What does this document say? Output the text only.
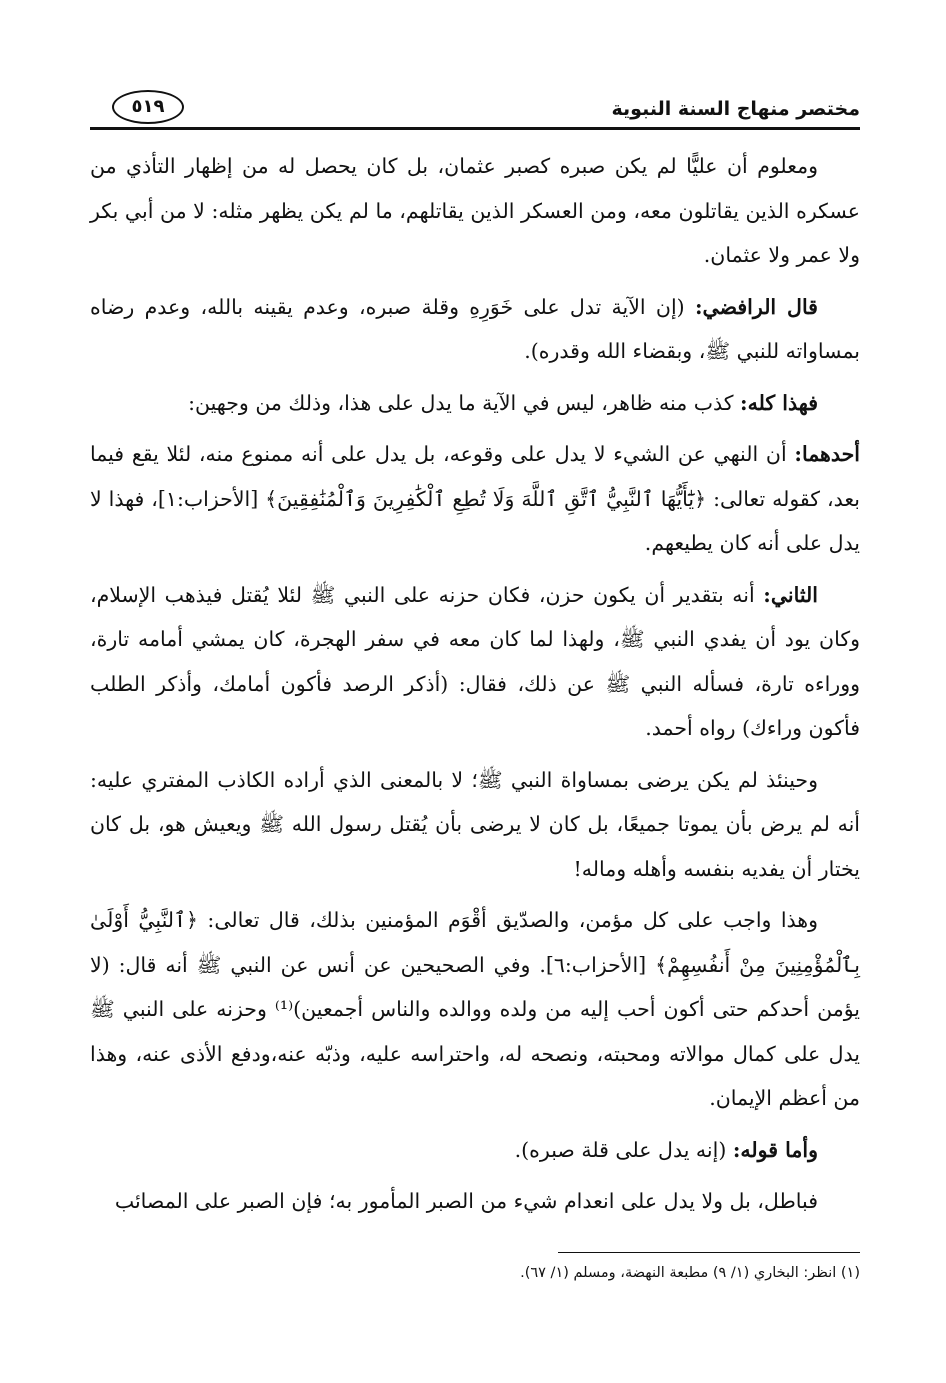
مختصر منهاج السنة النبوية
٥١٩

ومعلوم أن عليًّا لم يكن صبره كصبر عثمان، بل كان يحصل له من إظهار التأذي من عسكره الذين يقاتلون معه، ومن العسكر الذين يقاتلهم، ما لم يكن يظهر مثله: لا من أبي بكر ولا عمر ولا عثمان.

قال الرافضي: (إن الآية تدل على خَوَرِهِ وقلة صبره، وعدم يقينه بالله، وعدم رضاه بمساواته للنبي ﷺ، وبقضاء الله وقدره).

فهذا كله: كذب منه ظاهر، ليس في الآية ما يدل على هذا، وذلك من وجهين:

أحدهما: أن النهي عن الشيء لا يدل على وقوعه، بل يدل على أنه ممنوع منه، لئلا يقع فيما بعد، كقوله تعالى: ﴿يَٰٓأَيُّهَا ٱلنَّبِيُّ ٱتَّقِ ٱللَّهَ وَلَا تُطِعِ ٱلْكَٰفِرِينَ وَٱلْمُنَٰفِقِينَ﴾ [الأحزاب:١]، فهذا لا يدل على أنه كان يطيعهم.

الثاني: أنه بتقدير أن يكون حزن، فكان حزنه على النبي ﷺ لئلا يُقتل فيذهب الإسلام، وكان يود أن يفدي النبي ﷺ، ولهذا لما كان معه في سفر الهجرة، كان يمشي أمامه تارة، ووراءه تارة، فسأله النبي ﷺ عن ذلك، فقال: (أذكر الرصد فأكون أمامك، وأذكر الطلب فأكون وراءك) رواه أحمد.

وحينئذ لم يكن يرضى بمساواة النبي ﷺ؛ لا بالمعنى الذي أراده الكاذب المفتري عليه: أنه لم يرض بأن يموتا جميعًا، بل كان لا يرضى بأن يُقتل رسول الله ﷺ ويعيش هو، بل كان يختار أن يفديه بنفسه وأهله وماله!

وهذا واجب على كل مؤمن، والصدّيق أقْوَم المؤمنين بذلك، قال تعالى: ﴿ٱلنَّبِيُّ أَوْلَىٰ بِٱلْمُؤْمِنِينَ مِنْ أَنفُسِهِمْ﴾ [الأحزاب:٦]. وفي الصحيحين عن أنس عن النبي ﷺ أنه قال: (لا يؤمن أحدكم حتى أكون أحب إليه من ولده ووالده والناس أجمعين)⁽¹⁾ وحزنه على النبي ﷺ يدل على كمال موالاته ومحبته، ونصحه له، واحتراسه عليه، وذبّه عنه،ودفع الأذى عنه، وهذا من أعظم الإيمان.

وأما قوله: (إنه يدل على قلة صبره).

فباطل، بل ولا يدل على انعدام شيء من الصبر المأمور به؛ فإن الصبر على المصائب

(١) انظر: البخاري (١/ ٩) مطبعة النهضة، ومسلم (١/ ٦٧).
